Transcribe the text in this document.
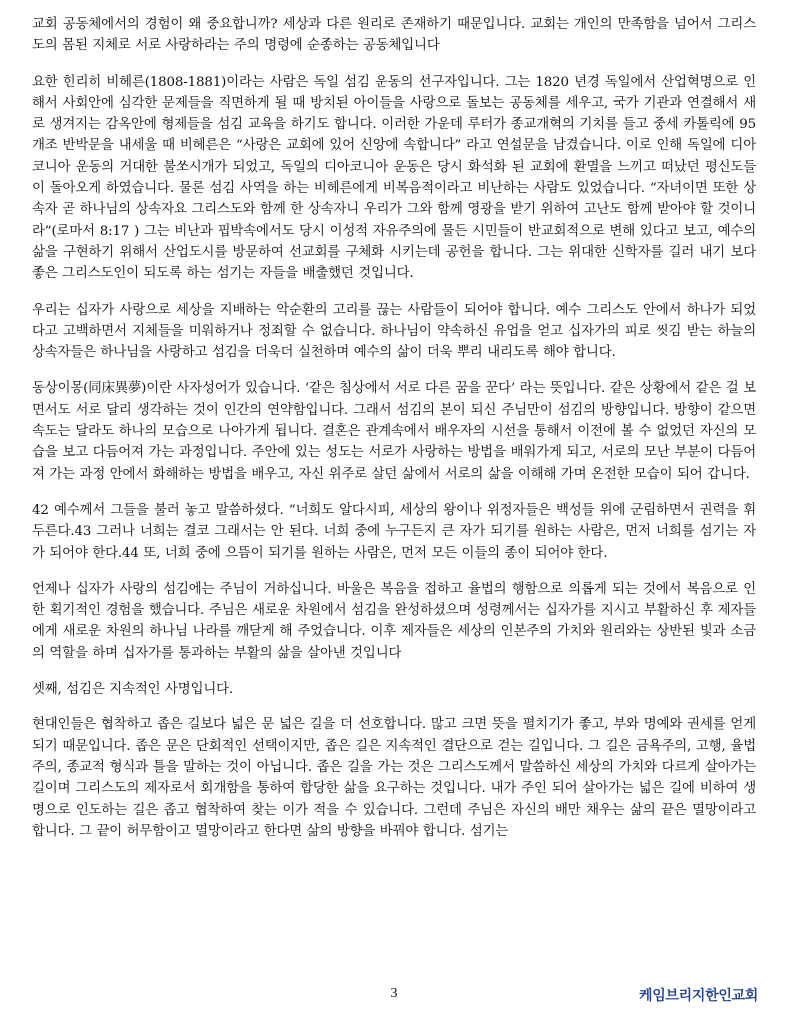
교회 공동체에서의 경험이 왜 중요합니까? 세상과 다른 원리로 존재하기 때문입니다. 교회는 개인의 만족함을 넘어서 그리스도의 몸된 지체로 서로 사랑하라는 주의 명령에 순종하는 공동체입니다

요한 힌리히 비헤른(1808-1881)이라는 사람은 독일 섬김 운동의 선구자입니다. 그는 1820 년경 독일에서 산업혁명으로 인해서 사회안에 심각한 문제들을 직면하게 될 때 방치된 아이들을 사랑으로 돌보는 공동체를 세우고, 국가 기관과 연결해서 새로 생겨지는 감옥안에 형제들을 섬김 교육을 하기도 합니다. 이러한 가운데 루터가 종교개혁의 기치를 들고 중세 카톨릭에 95개조 반박문을 내세울 때 비헤른은 “사랑은 교회에 있어 신앙에 속합니다” 라고 연설문을 남겼습니다. 이로 인해 독일에 디아코니아 운동의 거대한 불쏘시개가 되었고, 독일의 디아코니아 운동은 당시 화석화 된 교회에 환멸을 느끼고 떠났던 평신도들이 돌아오게 하였습니다. 물론 섬김 사역을 하는 비헤른에게 비복음적이라고 비난하는 사람도 있었습니다. “자녀이면 또한 상속자 곧 하나님의 상속자요 그리스도와 함께 한 상속자니 우리가 그와 함께 영광을 받기 위하여 고난도 함께 받아야 할 것이니라”(로마서 8:17 ) 그는 비난과 핍박속에서도 당시 이성적 자유주의에 물든 시민들이 반교회적으로 변해 있다고 보고, 예수의 삶을 구현하기 위해서 산업도시를 방문하여 선교회를 구체화 시키는데 공헌을 합니다. 그는 위대한 신학자를 길러 내기 보다 좋은 그리스도인이 되도록 하는 섬기는 자들을 배출했던 것입니다.

우리는 십자가 사랑으로 세상을 지배하는 악순환의 고리를 끊는 사람들이 되어야 합니다. 예수 그리스도 안에서 하나가 되었다고 고백하면서 지체들을 미워하거나 정죄할 수 없습니다. 하나님이 약속하신 유업을 얻고 십자가의 피로 씻김 받는 하늘의 상속자들은 하나님을 사랑하고 섬김을 더욱더 실천하며 예수의 삶이 더욱 뿌리 내리도록 해야 합니다.

동상이몽(同床異夢)이란 사자성어가 있습니다. ‘같은 침상에서 서로 다른 꿈을 꾼다’ 라는 뜻입니다. 같은 상황에서 같은 걸 보면서도 서로 달리 생각하는 것이 인간의 연약함입니다. 그래서 섬김의 본이 되신 주님만이 섬김의 방향입니다. 방향이 같으면 속도는 달라도 하나의 모습으로 나아가게 됩니다. 결혼은 관계속에서 배우자의 시선을 통해서 이전에 볼 수 없었던 자신의 모습을 보고 다듬어져 가는 과정입니다. 주안에 있는 성도는 서로가 사랑하는 방법을 배워가게 되고, 서로의 모난 부분이 다듬어져 가는 과정 안에서 화해하는 방법을 배우고, 자신 위주로 살던 삶에서 서로의 삶을 이해해 가며 온전한 모습이 되어 갑니다.

42 예수께서 그들을 불러 놓고 말씀하셨다. “너희도 알다시피, 세상의 왕이나 위정자들은 백성들 위에 군림하면서 권력을 휘두른다.43 그러나 너희는 결코 그래서는 안 된다. 너희 중에 누구든지 큰 자가 되기를 원하는 사람은, 먼저 너희를 섬기는 자가 되어야 한다.44 또, 너희 중에 으뜸이 되기를 원하는 사람은, 먼저 모든 이들의 종이 되어야 한다.

언제나 십자가 사랑의 섬김에는 주님이 거하십니다. 바울은 복음을 접하고 율법의 행함으로 의롭게 되는 것에서 복음으로 인한 획기적인 경험을 했습니다. 주님은 새로운 차원에서 섬김을 완성하셨으며 성령께서는 십자가를 지시고 부활하신 후 제자들에게 새로운 차원의 하나님 나라를 깨닫게 해 주었습니다. 이후 제자들은 세상의 인본주의 가치와 원리와는 상반된 빛과 소금의 역할을 하며 십자가를 통과하는 부활의 삶을 살아낸 것입니다

셋째, 섬김은 지속적인 사명입니다.

현대인들은 협착하고 좁은 길보다 넓은 문 넓은 길을 더 선호합니다. 많고 크면 뜻을 펼치기가 좋고, 부와 명예와 권세를 얻게 되기 때문입니다. 좁은 문은 단회적인 선택이지만, 좁은 길은 지속적인 결단으로 걷는 길입니다. 그 길은 금욕주의, 고행, 율법주의, 종교적 형식과 틀을 말하는 것이 아닙니다. 좁은 길을 가는 것은 그리스도께서 말씀하신 세상의 가치와 다르게 살아가는 길이며 그리스도의 제자로서 회개함을 통하여 합당한 삶을 요구하는 것입니다. 내가 주인 되어 살아가는 넓은 길에 비하여 생명으로 인도하는 길은 좁고 협착하여 찾는 이가 적을 수 있습니다. 그런데 주님은 자신의 배만 채우는 삶의 끝은 멸망이라고 합니다. 그 끝이 허무함이고 멸망이라고 한다면 삶의 방향을 바꿔야 합니다. 섬기는

3	케임브리지한인교회
